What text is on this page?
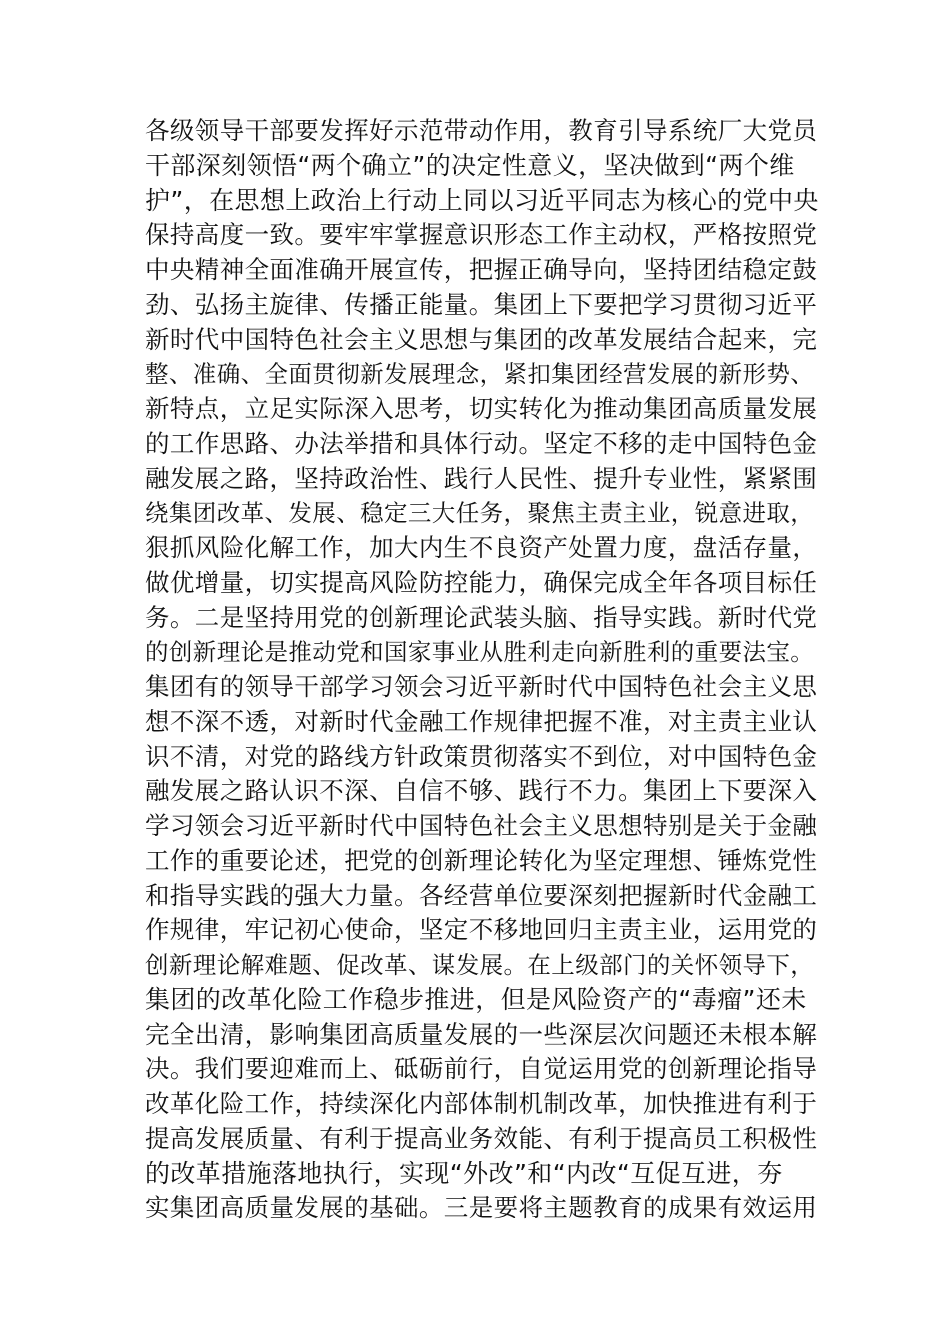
各级领导干部要发挥好示范带动作用，教育引导系统厂大党员
干部深刻领悟“两个确立”的决定性意义，坚决做到“两个维
护”，在思想上政治上行动上同以习近平同志为核心的党中央
保持高度一致。要牢牢掌握意识形态工作主动权，严格按照党
中央精神全面准确开展宣传，把握正确导向，坚持团结稳定鼓
劲、弘扬主旋律、传播正能量。集团上下要把学习贯彻习近平
新时代中国特色社会主义思想与集团的改革发展结合起来，完
整、准确、全面贯彻新发展理念，紧扣集团经营发展的新形势、
新特点，立足实际深入思考，切实转化为推动集团高质量发展
的工作思路、办法举措和具体行动。坚定不移的走中国特色金
融发展之路，坚持政治性、践行人民性、提升专业性，紧紧围
绕集团改革、发展、稳定三大任务，聚焦主责主业，锐意进取，
狠抓风险化解工作，加大内生不良资产处置力度，盘活存量，
做优增量，切实提高风险防控能力，确保完成全年各项目标任
务。二是坚持用党的创新理论武装头脑、指导实践。新时代党
的创新理论是推动党和国家事业从胜利走向新胜利的重要法宝。
集团有的领导干部学习领会习近平新时代中国特色社会主义思
想不深不透，对新时代金融工作规律把握不准，对主责主业认
识不清，对党的路线方针政策贯彻落实不到位，对中国特色金
融发展之路认识不深、自信不够、践行不力。集团上下要深入
学习领会习近平新时代中国特色社会主义思想特别是关于金融
工作的重要论述，把党的创新理论转化为坚定理想、锤炼党性
和指导实践的强大力量。各经营单位要深刻把握新时代金融工
作规律，牢记初心使命，坚定不移地回归主责主业，运用党的
创新理论解难题、促改革、谋发展。在上级部门的关怀领导下，
集团的改革化险工作稳步推进，但是风险资产的“毒瘤”还未
完全出清，影响集团高质量发展的一些深层次问题还未根本解
决。我们要迎难而上、砥砺前行，自觉运用党的创新理论指导
改革化险工作，持续深化内部体制机制改革，加快推进有利于
提高发展质量、有利于提高业务效能、有利于提高员工积极性
的改革措施落地执行，实现“外改”和“内改“互促互进，夯
实集团高质量发展的基础。三是要将主题教育的成果有效运用
